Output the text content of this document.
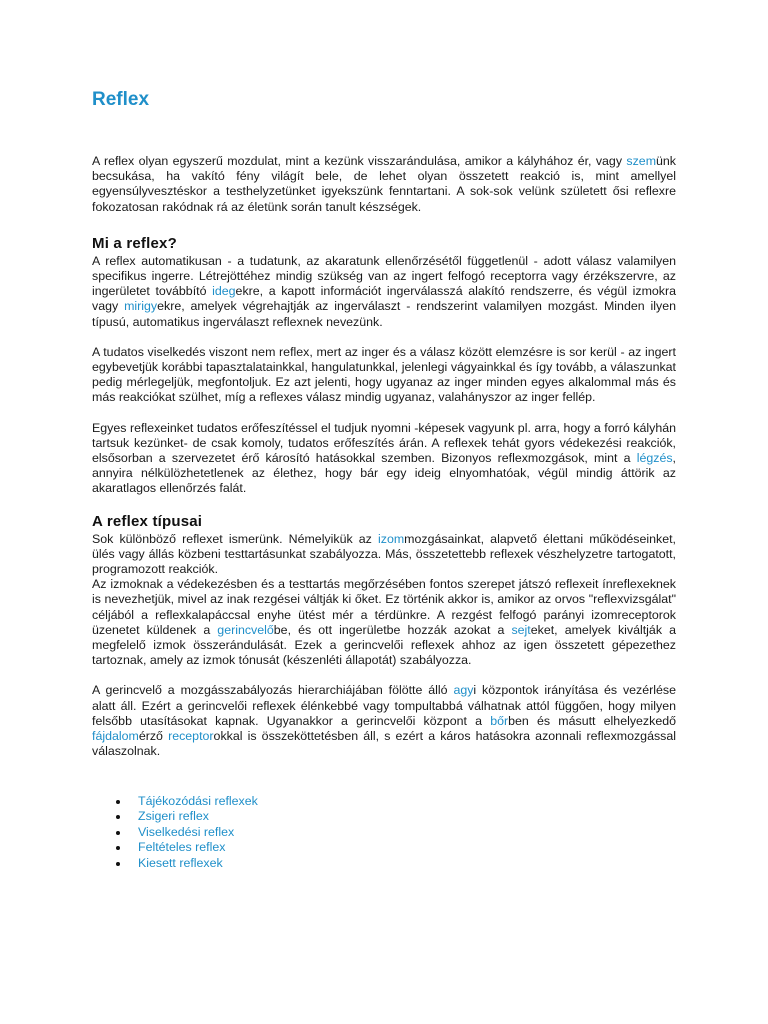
Reflex

A reflex olyan egyszerű mozdulat, mint a kezünk visszarándulása, amikor a kályhához ér, vagy szemünk becsukása, ha vakító fény világít bele, de lehet olyan összetett reakció is, mint amellyel egyensúlyvesztéskor a testhelyzetünket igyekszünk fenntartani. A sok-sok velünk született ősi reflexre fokozatosan rakódnak rá az életünk során tanult készségek.

Mi a reflex?

A reflex automatikusan - a tudatunk, az akaratunk ellenőrzésétől függetlenül - adott válasz valamilyen specifikus ingerre. Létrejöttéhez mindig szükség van az ingert felfogó receptorra vagy érzékszervre, az ingerületet továbbító idegekre, a kapott információt ingerválasszá alakító rendszerre, és végül izmokra vagy mirigyekre, amelyek végrehajtják az ingerválaszt - rendszerint valamilyen mozgást. Minden ilyen típusú, automatikus ingerválaszt reflexnek nevezünk.

A tudatos viselkedés viszont nem reflex, mert az inger és a válasz között elemzésre is sor kerül - az ingert egybevetjük korábbi tapasztalatainkkal, hangulatunkkal, jelenlegi vágyainkkal és így tovább, a válaszunkat pedig mérlegeljük, megfontoljuk. Ez azt jelenti, hogy ugyanaz az inger minden egyes alkalommal más és más reakciókat szülhet, míg a reflexes válasz mindig ugyanaz, valahányszor az inger fellép.

Egyes reflexeinket tudatos erőfeszítéssel el tudjuk nyomni -képesek vagyunk pl. arra, hogy a forró kályhán tartsuk kezünket- de csak komoly, tudatos erőfeszítés árán. A reflexek tehát gyors védekezési reakciók, elsősorban a szervezetet érő károsító hatásokkal szemben. Bizonyos reflexmozgások, mint a légzés, annyira nélkülözhetetlenek az élethez, hogy bár egy ideig elnyomhatóak, végül mindig áttörik az akaratlagos ellenőrzés falát.

A reflex típusai

Sok különböző reflexet ismerünk. Némelyikük az izommozgásainkat, alapvető élettani működéseinket, ülés vagy állás közbeni testtartásunkat szabályozza. Más, összetettebb reflexek vészhelyzetre tartogatott, programozott reakciók.

Az izmoknak a védekezésben és a testtartás megőrzésében fontos szerepet játszó reflexeit ínreflexeknek is nevezhetjük, mivel az inak rezgései váltják ki őket. Ez történik akkor is, amikor az orvos "reflexvizsgálat" céljából a reflexkalapáccsal enyhe ütést mér a térdünkre. A rezgést felfogó parányi izomreceptorok üzenetet küldenek a gerincvelőbe, és ott ingerületbe hozzák azokat a sejteket, amelyek kiváltják a megfelelő izmok összerándulását. Ezek a gerincvelői reflexek ahhoz az igen összetett gépezethez tartoznak, amely az izmok tónusát (készenléti állapotát) szabályozza.

A gerincvelő a mozgásszabályozás hierarchiájában fölötte álló agyi központok irányítása és vezérlése alatt áll. Ezért a gerincvelői reflexek élénkebbé vagy tompultabbá válhatnak attól függően, hogy milyen felsőbb utasításokat kapnak. Ugyanakkor a gerincvelői központ a bőrben és másutt elhelyezkedő fájdalomérző receptorokkal is összeköttetésben áll, s ezért a káros hatásokra azonnali reflexmozgással válaszolnak.

Tájékozódási reflexek
Zsigeri reflex
Viselkedési reflex
Feltételes reflex
Kiesett reflexek
